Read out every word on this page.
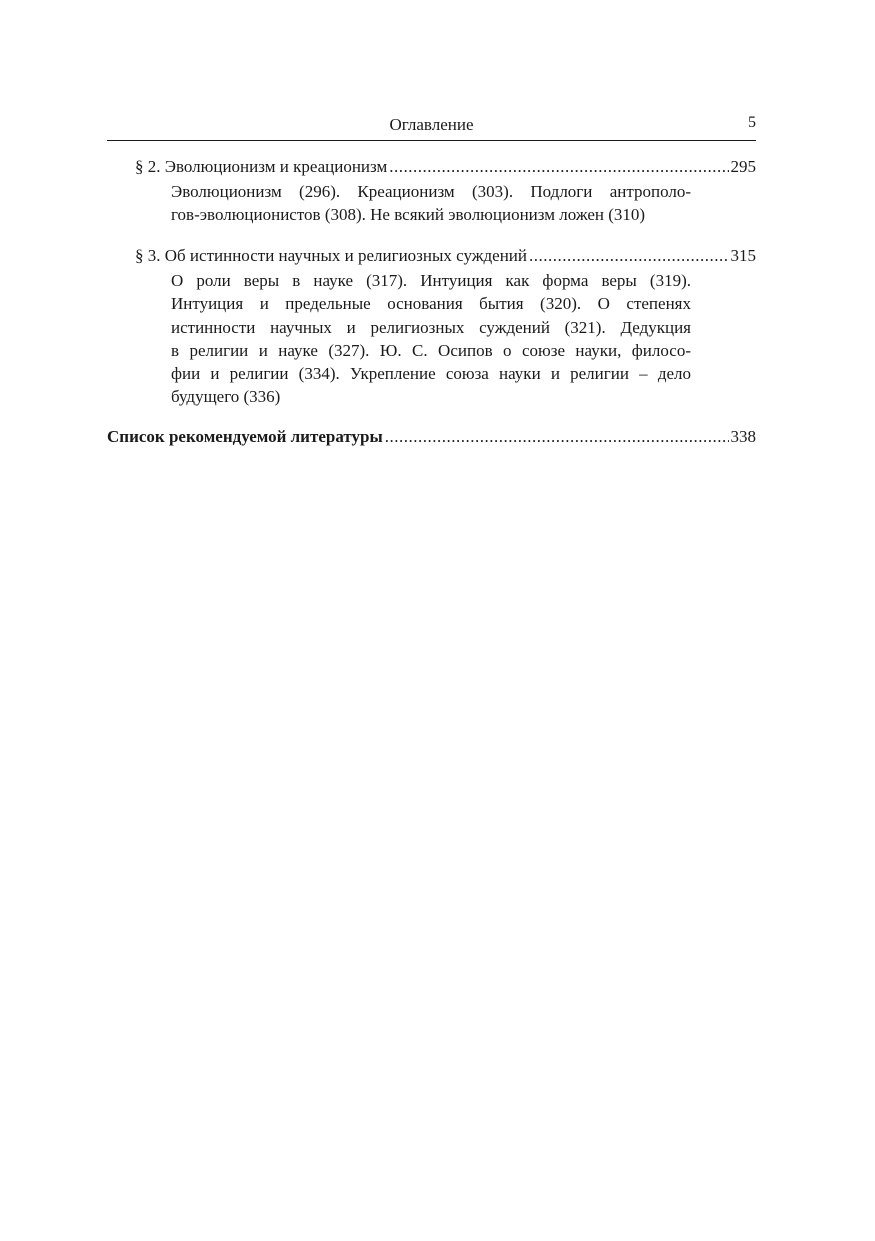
Оглавление	5
§ 2. Эволюционизм и креационизм .....	295
Эволюционизм (296). Креационизм (303). Подлоги антрополо-
гов-эволюционистов (308). Не всякий эволюционизм ложен (310)
§ 3. Об истинности научных и религиозных суждений .....	315
О роли веры в науке (317). Интуиция как форма веры (319).
Интуиция и предельные основания бытия (320). О степенях
истинности научных и религиозных суждений (321). Дедукция
в религии и науке (327). Ю. С. Осипов о союзе науки, филосо-
фии и религии (334). Укрепление союза науки и религии – дело
будущего (336)
Список рекомендуемой литературы .....	338
